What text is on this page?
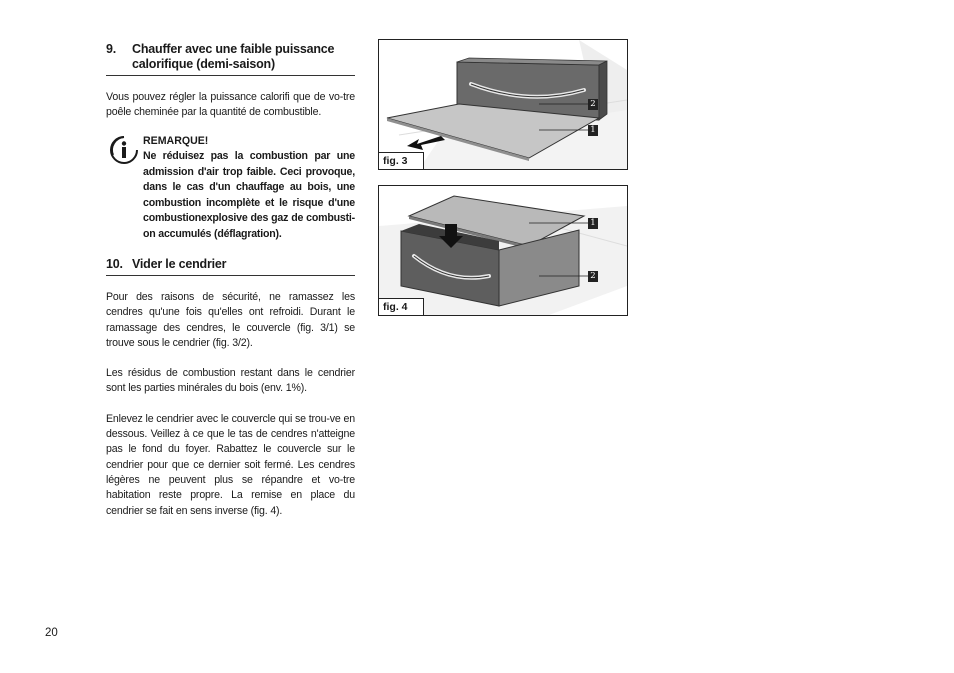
9.	Chauffer avec une faible puissance calorifique (demi-saison)
Vous pouvez régler la puissance calorifi que de vo-tre poêle cheminée par la quantité de combustible.
REMARQUE!
Ne réduisez pas la combustion par une admission d'air trop faible. Ceci provoque, dans le cas d'un chauffage au bois, une combustion incomplète et le risque d'une combustionexplosive des gaz de combusti-on accumulés (déflagration).
10. Vider le cendrier
Pour des raisons de sécurité, ne ramassez les cendres qu'une fois qu'elles ont refroidi. Durant le ramassage des cendres, le couvercle (fig. 3/1) se trouve sous le cendrier (fig. 3/2).
Les résidus de combustion restant dans le cendrier sont les parties minérales du bois (env. 1%).
Enlevez le cendrier avec le couvercle qui se trou-ve en dessous. Veillez à ce que le tas de cendres n'atteigne pas le fond du foyer. Rabattez le couvercle sur le cendrier pour que ce dernier soit fermé. Les cendres légères ne peuvent plus se répandre et vo-tre habitation reste propre. La remise en place du cendrier se fait en sens inverse (fig. 4).
2
1
fig. 3
1
2
fig. 4
20
